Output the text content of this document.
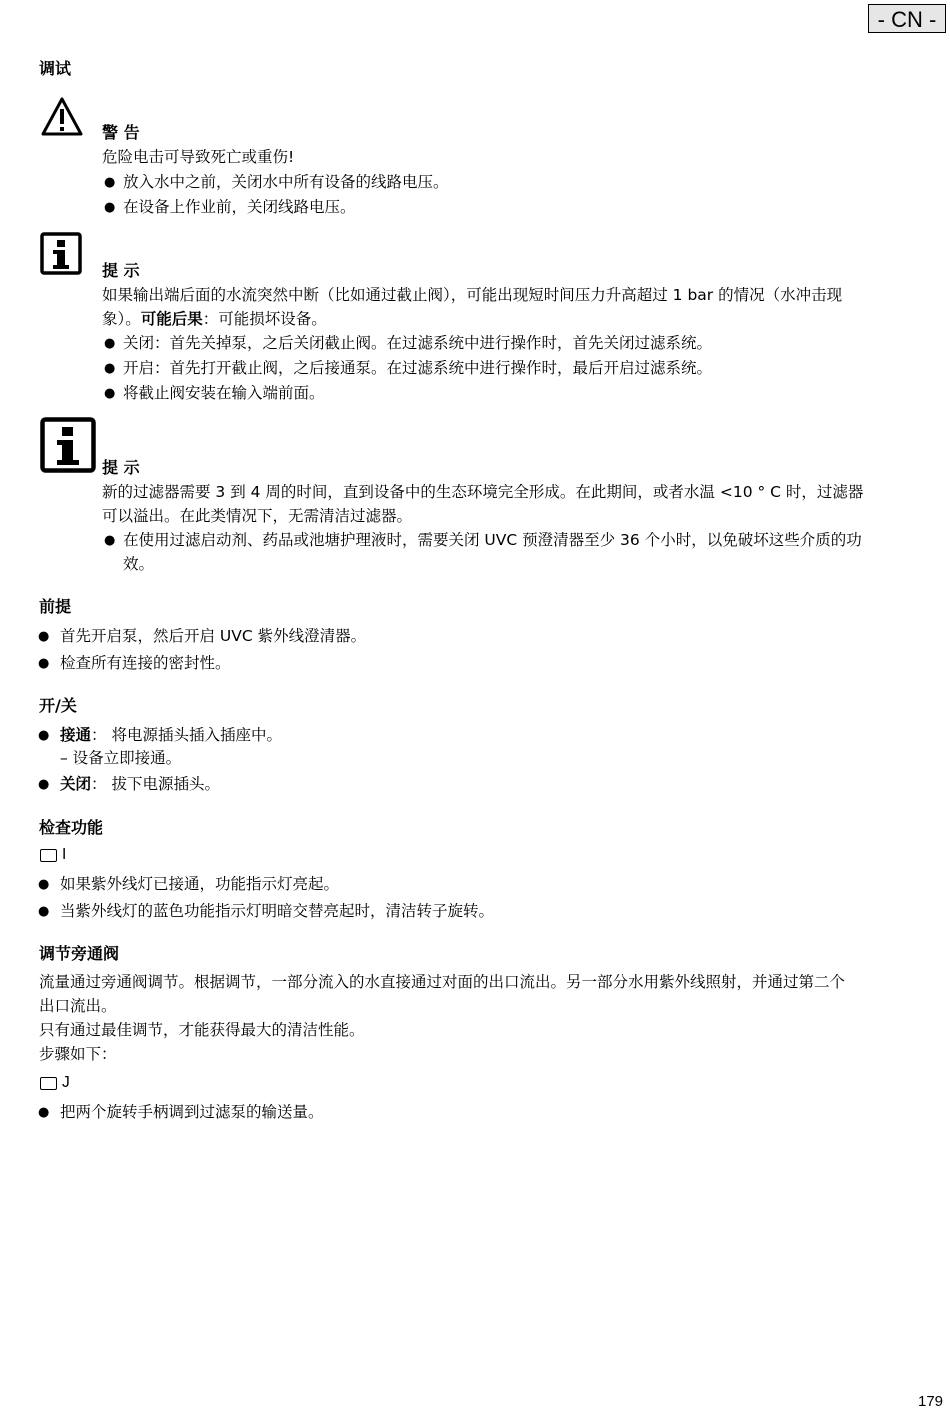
- CN -
调试
警 告
危险电击可导致死亡或重伤!
● 放入水中之前，关闭水中所有设备的线路电压。
● 在设备上作业前，关闭线路电压。
提 示
如果输出端后面的水流突然中断（比如通过截止阀），可能出现短时间压力升高超过 1 bar 的情况（水冲击现
象）。可能后果：可能损坏设备。
● 关闭：首先关掉泵，之后关闭截止阀。在过滤系统中进行操作时，首先关闭过滤系统。
● 开启：首先打开截止阀，之后接通泵。在过滤系统中进行操作时，最后开启过滤系统。
● 将截止阀安装在输入端前面。
提 示
新的过滤器需要 3 到 4 周的时间，直到设备中的生态环境完全形成。在此期间，或者水温 <10 ° C 时，过滤器
可以溢出。在此类情况下，无需清洁过滤器。
● 在使用过滤启动剂、药品或池塘护理液时，需要关闭 UVC 预澄清器至少 36 个小时，以免破坏这些介质的功
效。
前提
● 首先开启泵，然后开启 UVC 紫外线澄清器。
● 检查所有连接的密封性。
开/关
● 接通： 将电源插头插入插座中。
– 设备立即接通。
● 关闭： 拔下电源插头。
检查功能
I
● 如果紫外线灯已接通，功能指示灯亮起。
● 当紫外线灯的蓝色功能指示灯明暗交替亮起时，清洁转子旋转。
调节旁通阀
流量通过旁通阀调节。根据调节，一部分流入的水直接通过对面的出口流出。另一部分水用紫外线照射，并通过第二个
出口流出。
只有通过最佳调节，才能获得最大的清洁性能。
步骤如下：
J
● 把两个旋转手柄调到过滤泵的输送量。
179
